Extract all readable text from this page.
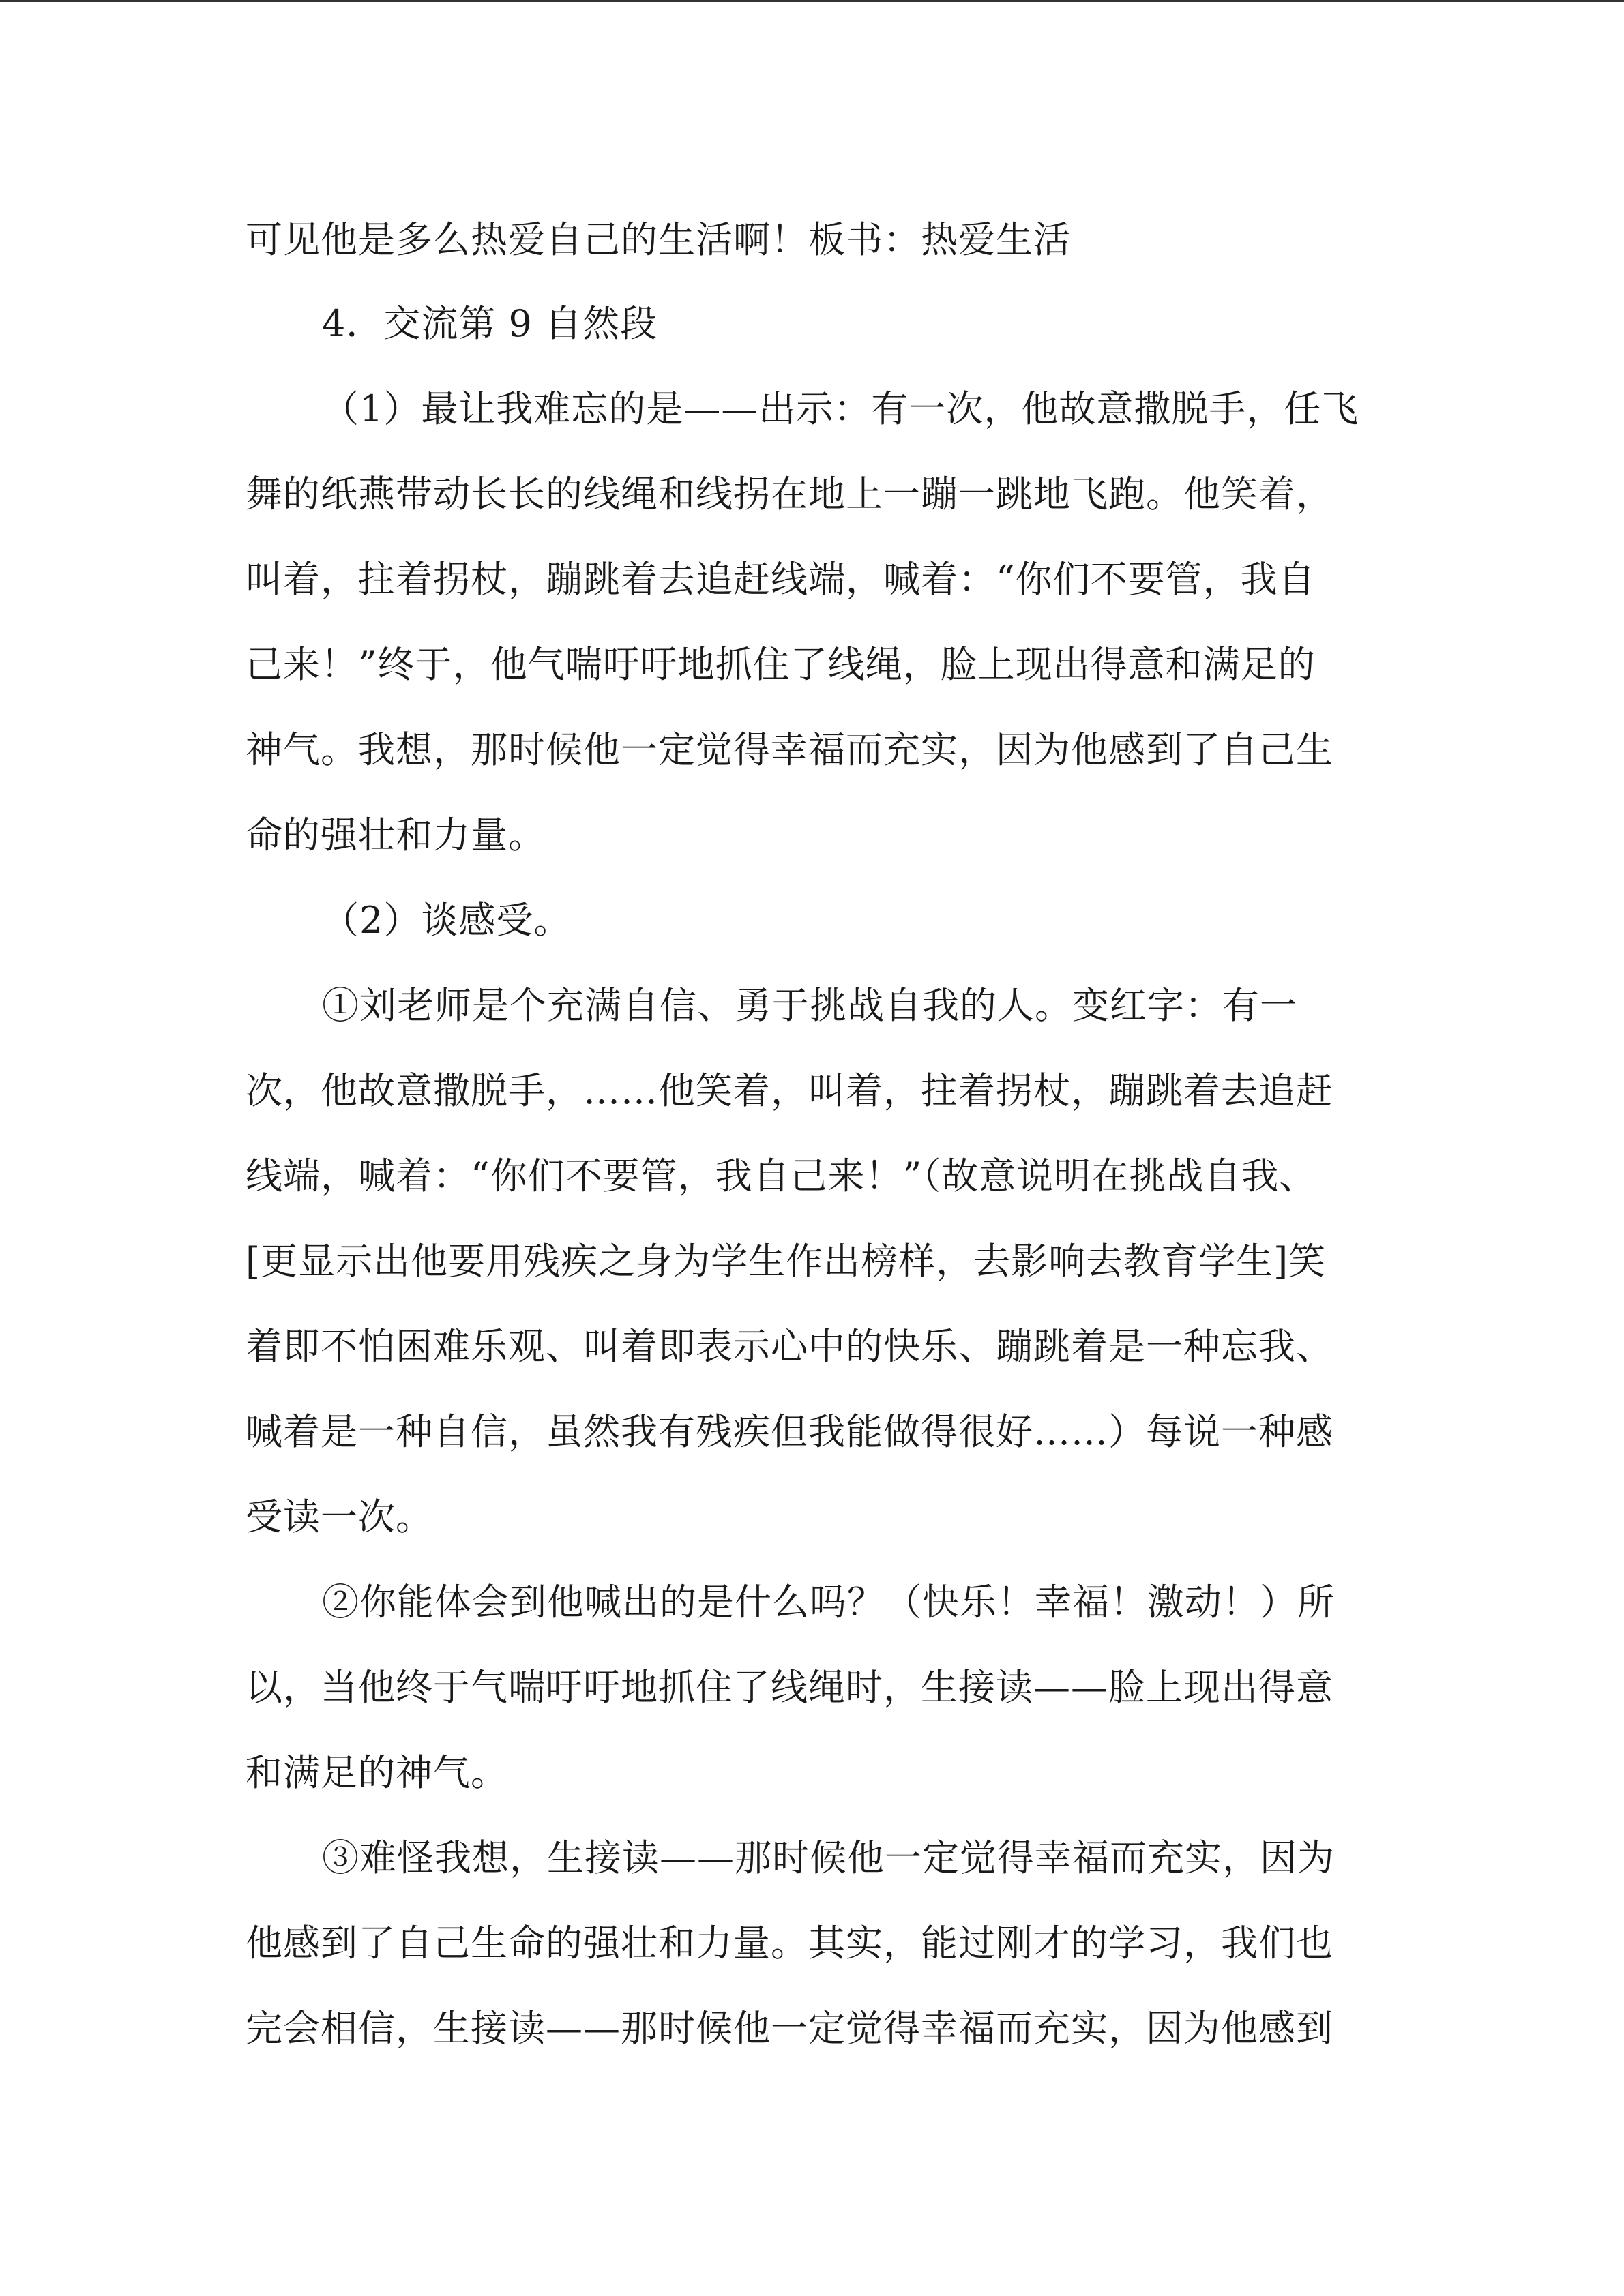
可见他是多么热爱自己的生活啊！板书：热爱生活
4．交流第 9 自然段
（1）最让我难忘的是——出示：有一次，他故意撒脱手，任飞
舞的纸燕带动长长的线绳和线拐在地上一蹦一跳地飞跑。他笑着，
叫着，拄着拐杖，蹦跳着去追赶线端，喊着：“你们不要管，我自
己来！”终于，他气喘吁吁地抓住了线绳，脸上现出得意和满足的
神气。我想，那时候他一定觉得幸福而充实，因为他感到了自己生
命的强壮和力量。
（2）谈感受。
①刘老师是个充满自信、勇于挑战自我的人。变红字：有一
次，他故意撒脱手，……他笑着，叫着，拄着拐杖，蹦跳着去追赶
线端，喊着：“你们不要管，我自己来！”（故意说明在挑战自我、
[更显示出他要用残疾之身为学生作出榜样，去影响去教育学生]笑
着即不怕困难乐观、叫着即表示心中的快乐、蹦跳着是一种忘我、
喊着是一种自信，虽然我有残疾但我能做得很好……）每说一种感
受读一次。
②你能体会到他喊出的是什么吗？（快乐！幸福！激动！）所
以，当他终于气喘吁吁地抓住了线绳时，生接读——脸上现出得意
和满足的神气。
③难怪我想，生接读——那时候他一定觉得幸福而充实，因为
他感到了自己生命的强壮和力量。其实，能过刚才的学习，我们也
完会相信，生接读——那时候他一定觉得幸福而充实，因为他感到
